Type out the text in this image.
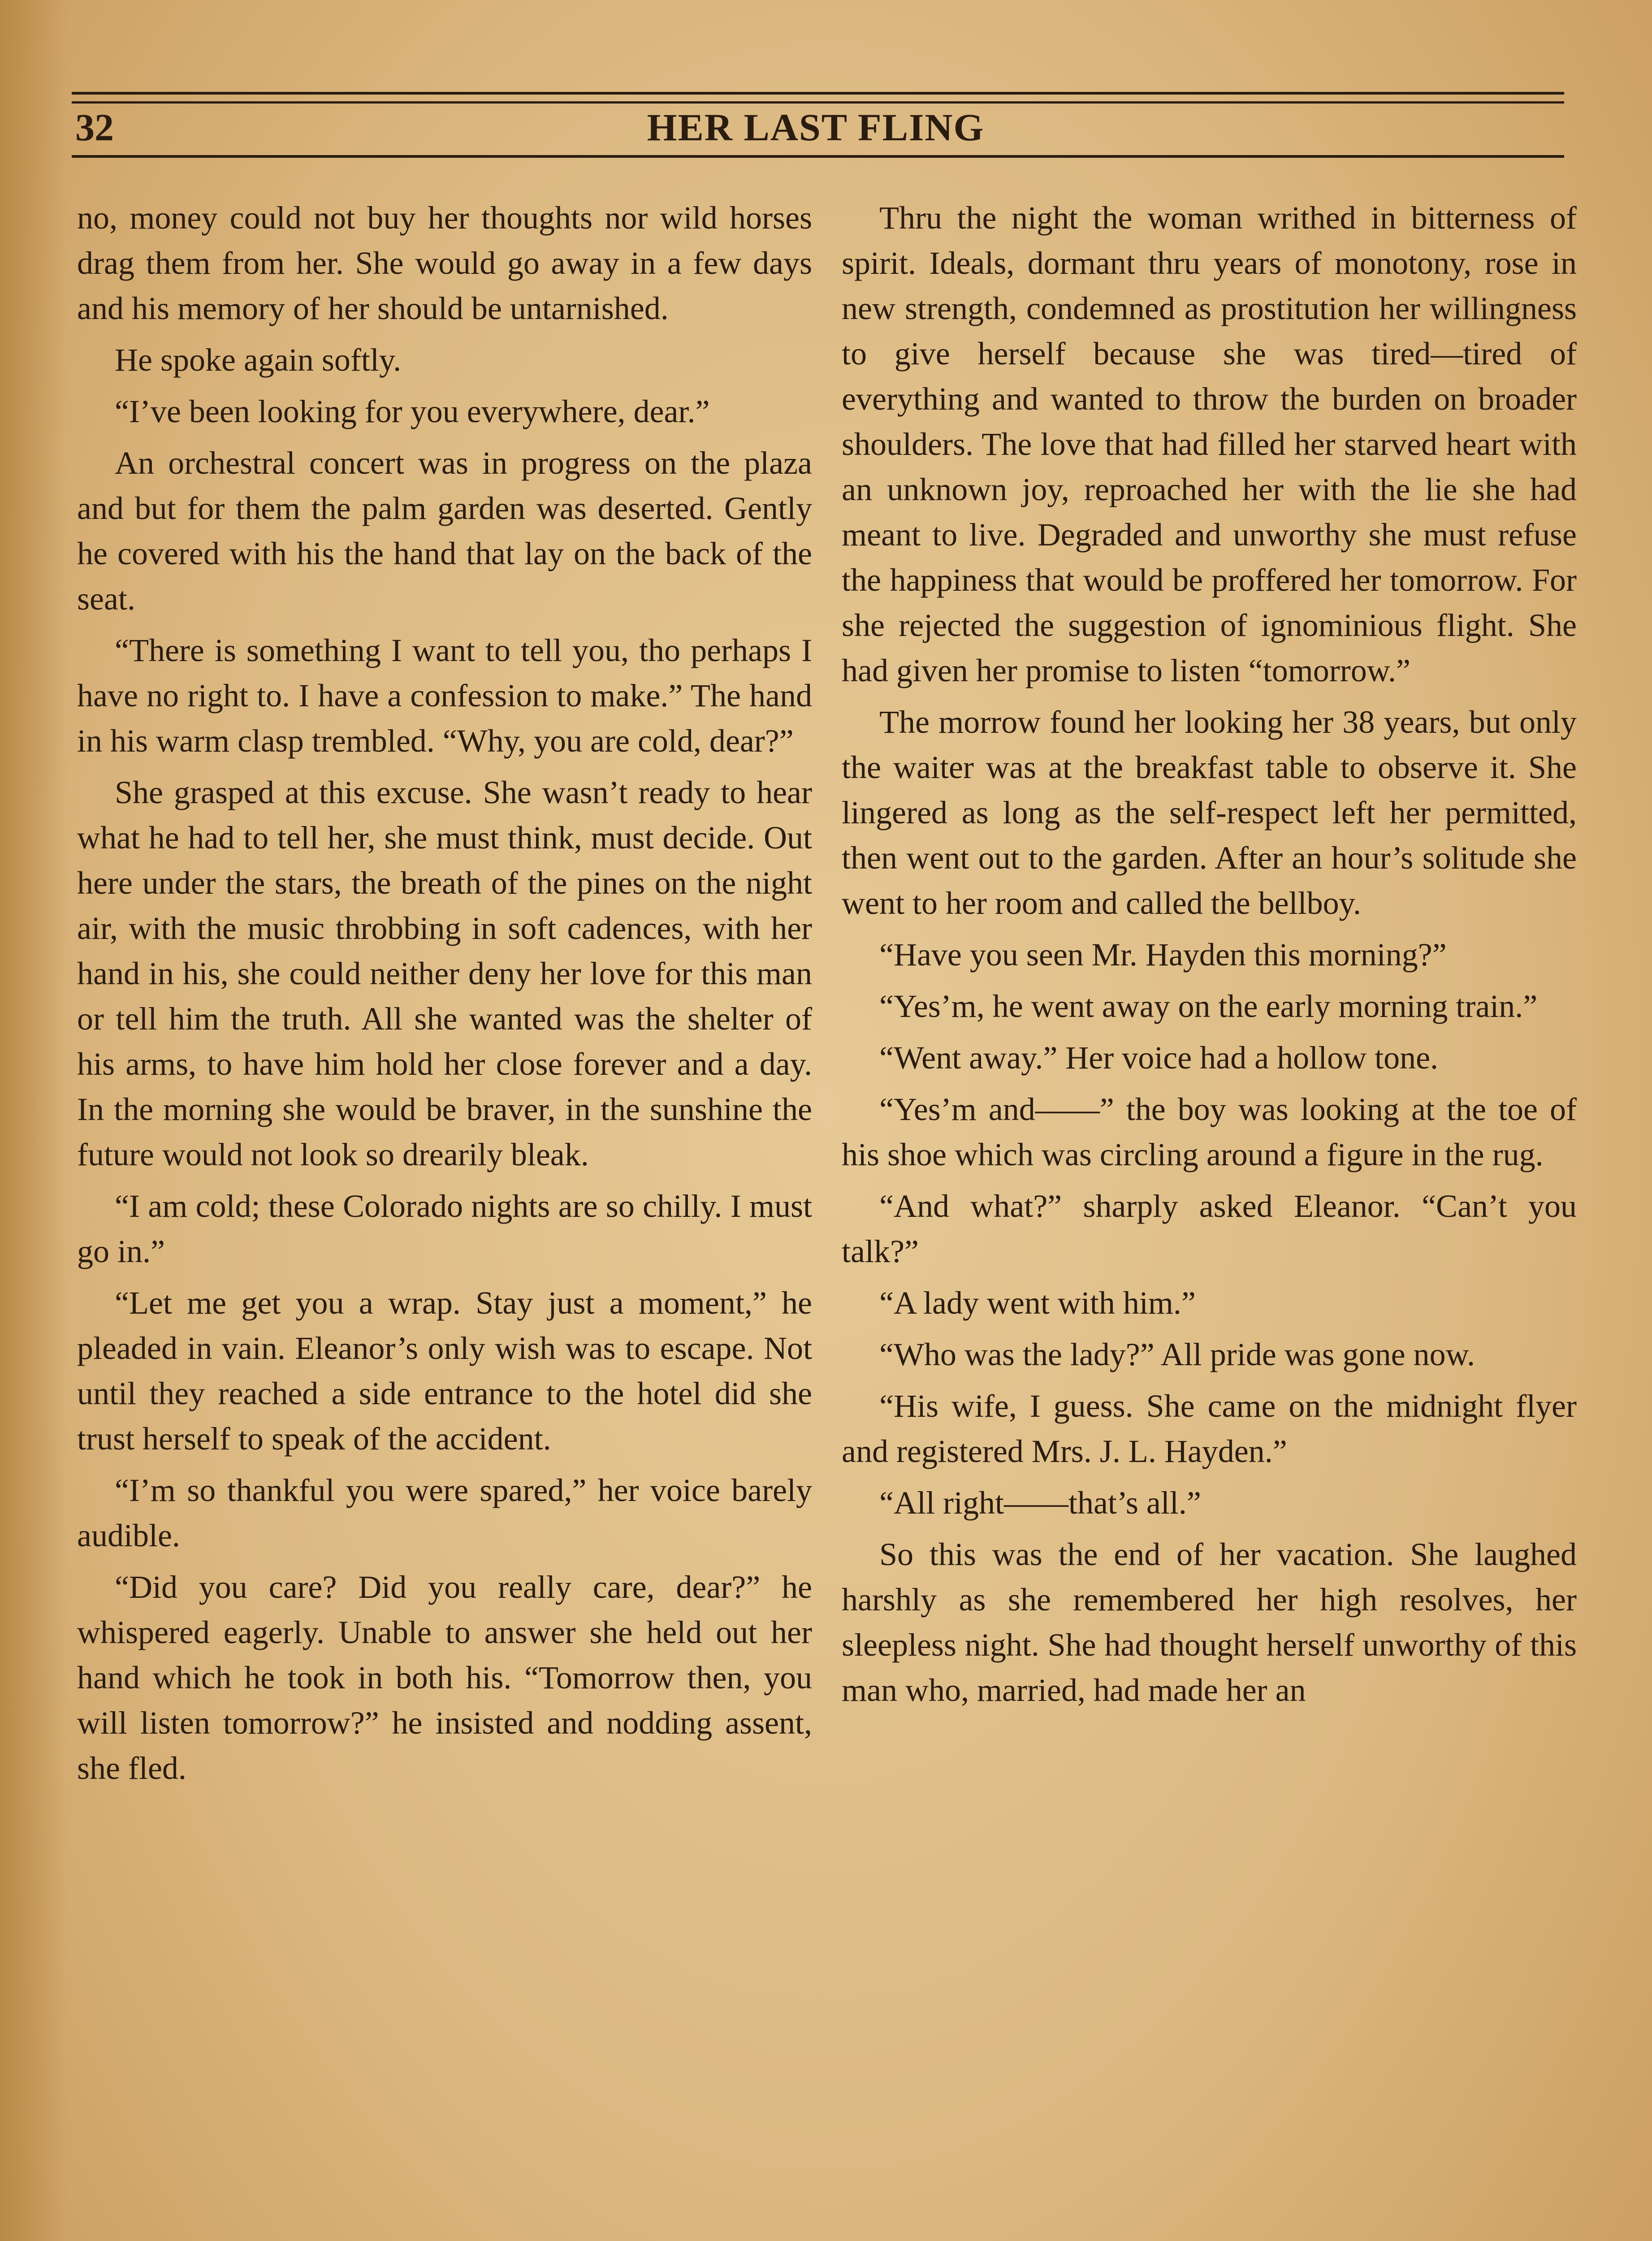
32	HER LAST FLING

no, money could not buy her thoughts nor wild horses drag them from her. She would go away in a few days and his memory of her should be untarnished.

He spoke again softly.

“I’ve been looking for you everywhere, dear.”

An orchestral concert was in progress on the plaza and but for them the palm garden was deserted. Gently he covered with his the hand that lay on the back of the seat.

“There is something I want to tell you, tho perhaps I have no right to. I have a confession to make.” The hand in his warm clasp trembled. “Why, you are cold, dear?”

She grasped at this excuse. She wasn’t ready to hear what he had to tell her, she must think, must decide. Out here under the stars, the breath of the pines on the night air, with the music throbbing in soft cadences, with her hand in his, she could neither deny her love for this man or tell him the truth. All she wanted was the shelter of his arms, to have him hold her close forever and a day. In the morning she would be braver, in the sunshine the future would not look so drearily bleak.

“I am cold; these Colorado nights are so chilly. I must go in.”

“Let me get you a wrap. Stay just a moment,” he pleaded in vain. Eleanor’s only wish was to escape. Not until they reached a side entrance to the hotel did she trust herself to speak of the accident.

“I’m so thankful you were spared,” her voice barely audible.

“Did you care? Did you really care, dear?” he whispered eagerly. Unable to answer she held out her hand which he took in both his. “Tomorrow then, you will listen tomorrow?” he insisted and nodding assent, she fled.

Thru the night the woman writhed in bitterness of spirit. Ideals, dormant thru years of monotony, rose in new strength, condemned as prostitution her willingness to give herself because she was tired—tired of everything and wanted to throw the burden on broader shoulders. The love that had filled her starved heart with an unknown joy, reproached her with the lie she had meant to live. Degraded and unworthy she must refuse the happiness that would be proffered her tomorrow. For she rejected the suggestion of ignominious flight. She had given her promise to listen “tomorrow.”

The morrow found her looking her 38 years, but only the waiter was at the breakfast table to observe it. She lingered as long as the self-respect left her permitted, then went out to the garden. After an hour’s solitude she went to her room and called the bellboy.

“Have you seen Mr. Hayden this morning?”

“Yes’m, he went away on the early morning train.”

“Went away.” Her voice had a hollow tone.

“Yes’m and——” the boy was looking at the toe of his shoe which was circling around a figure in the rug.

“And what?” sharply asked Eleanor. “Can’t you talk?”

“A lady went with him.”

“Who was the lady?” All pride was gone now.

“His wife, I guess. She came on the midnight flyer and registered Mrs. J. L. Hayden.”

“All right——that’s all.”

So this was the end of her vacation. She laughed harshly as she remembered her high resolves, her sleepless night. She had thought herself unworthy of this man who, married, had made her an
